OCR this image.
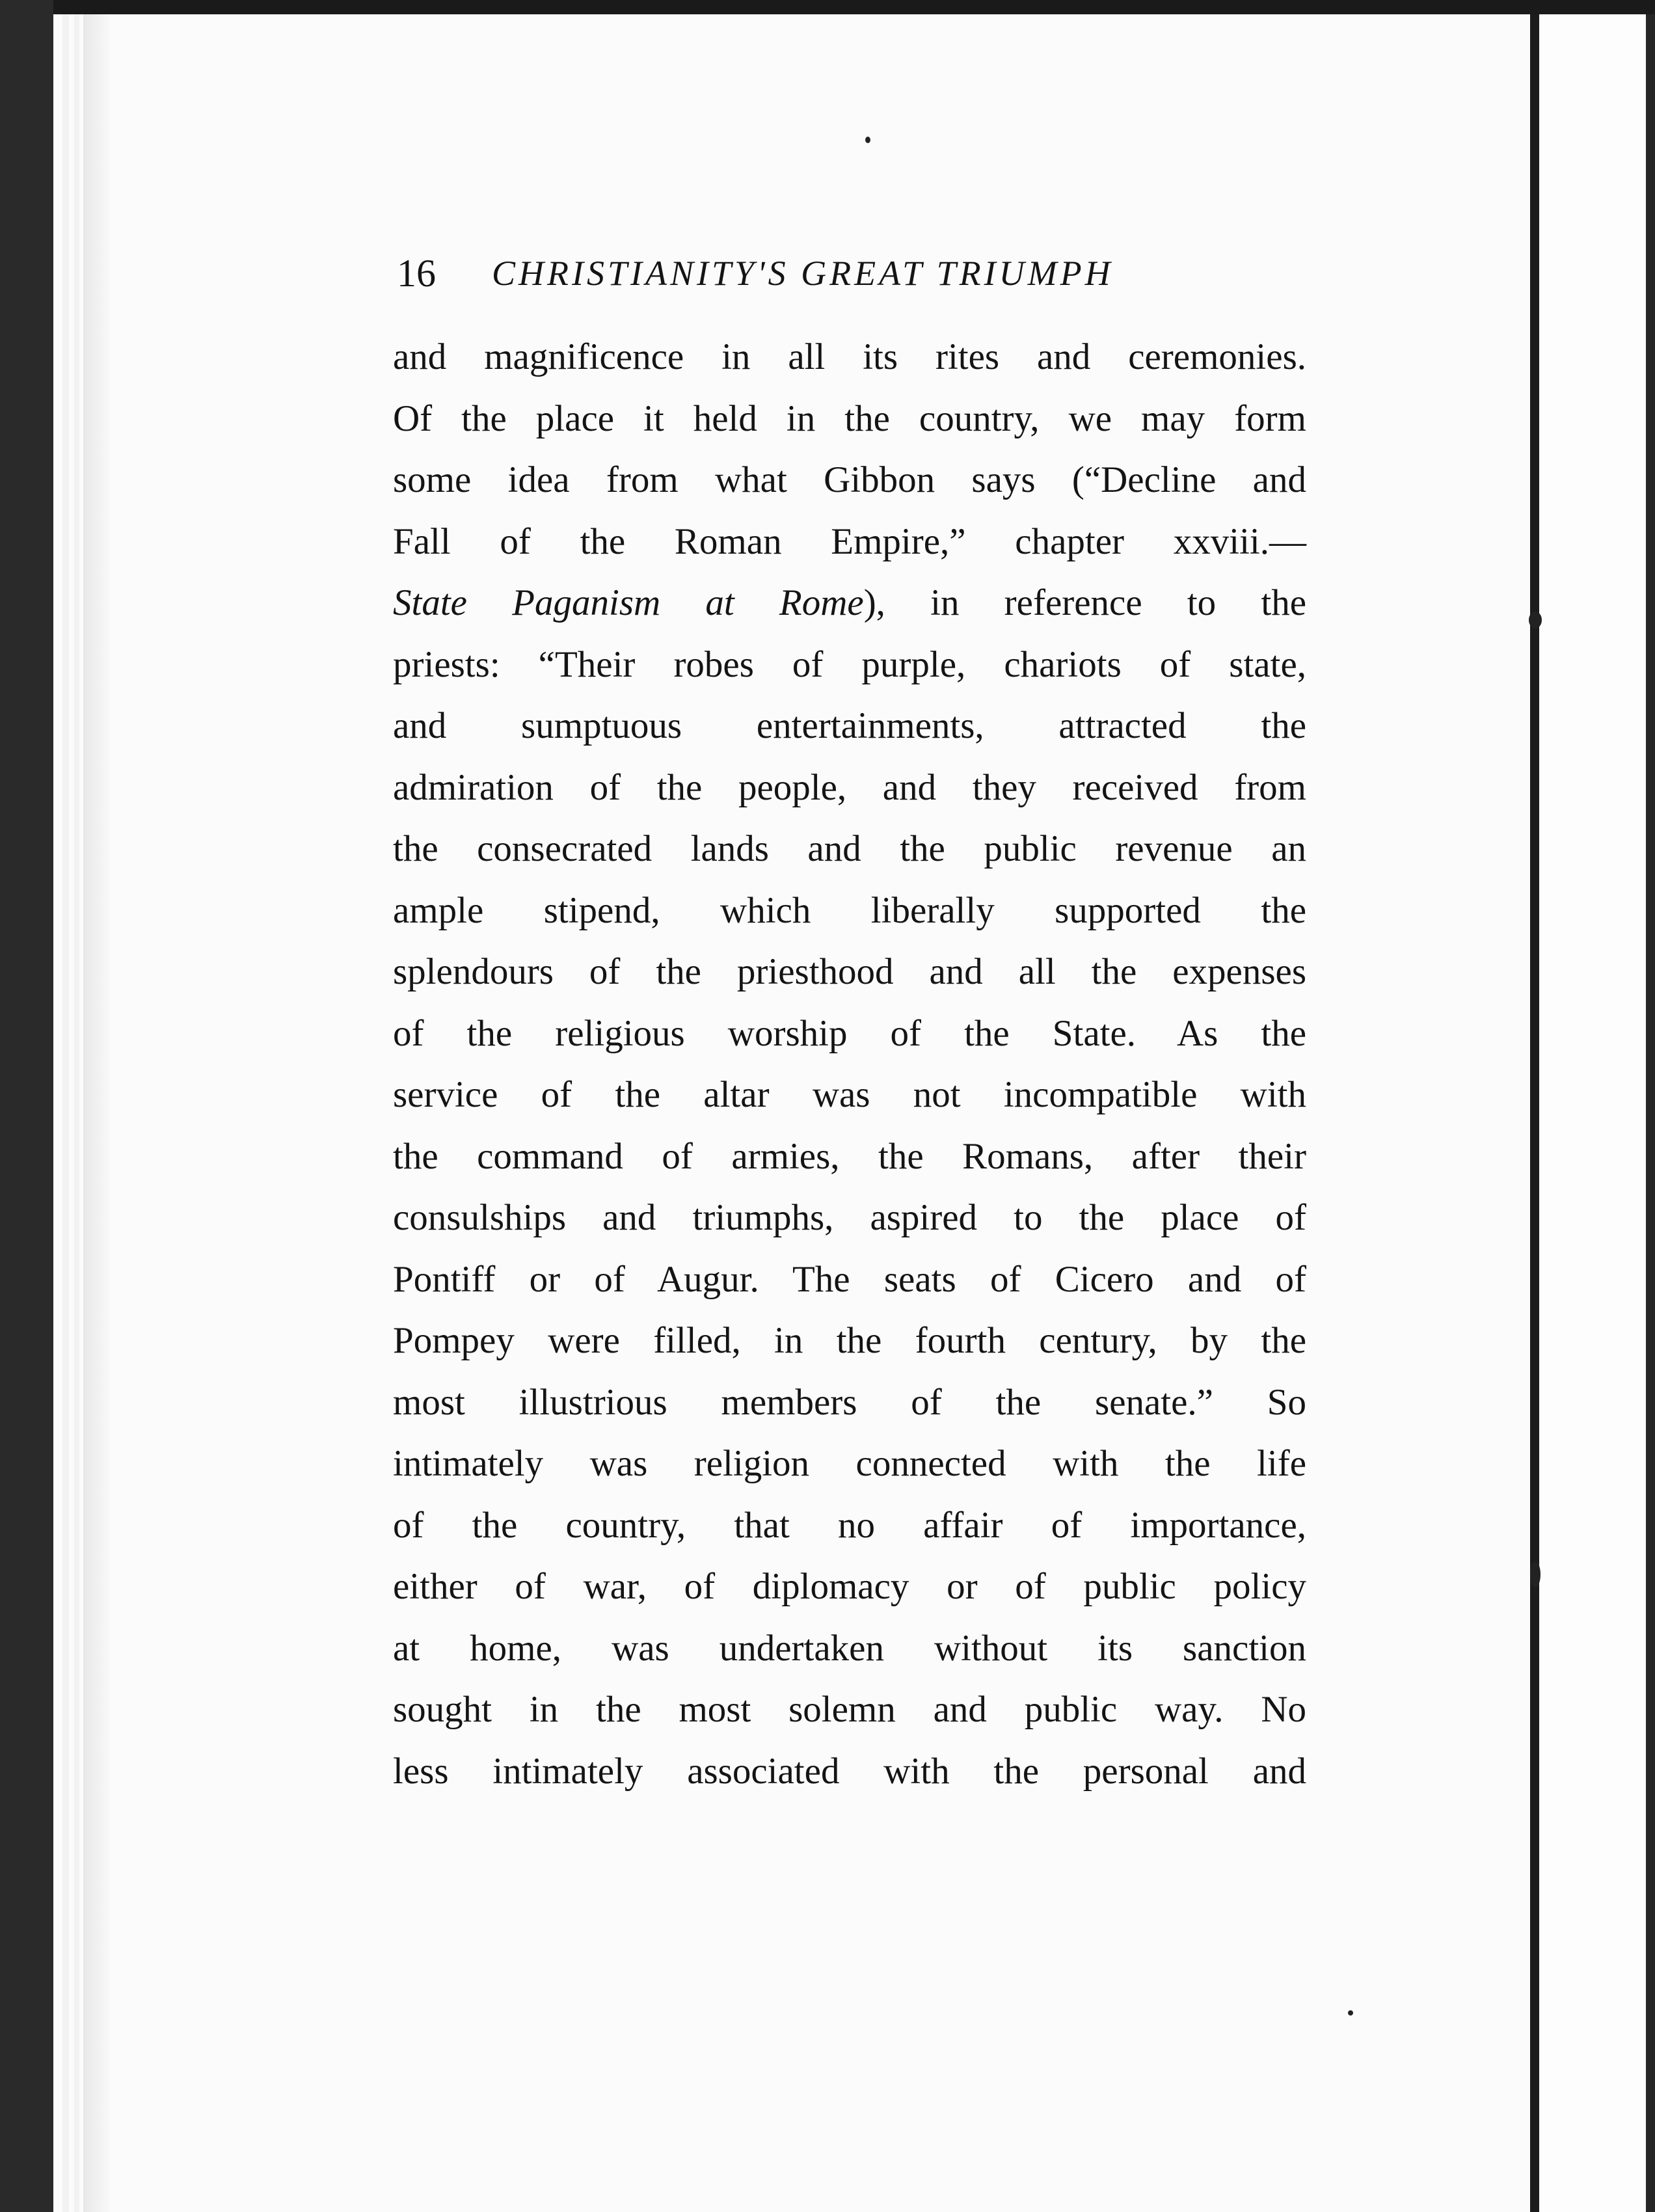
16 CHRISTIANITY'S GREAT TRIUMPH
and magnificence in all its rites and ceremonies.
Of the place it held in the country, we may form
some idea from what Gibbon says (“Decline and
Fall of the Roman Empire,” chapter xxviii.—
State Paganism at Rome), in reference to the
priests: “Their robes of purple, chariots of state,
and sumptuous entertainments, attracted the
admiration of the people, and they received from
the consecrated lands and the public revenue an
ample stipend, which liberally supported the
splendours of the priesthood and all the expenses
of the religious worship of the State. As the
service of the altar was not incompatible with
the command of armies, the Romans, after their
consulships and triumphs, aspired to the place of
Pontiff or of Augur. The seats of Cicero and of
Pompey were filled, in the fourth century, by the
most illustrious members of the senate.” So
intimately was religion connected with the life
of the country, that no affair of importance,
either of war, of diplomacy or of public policy
at home, was undertaken without its sanction
sought in the most solemn and public way. No
less intimately associated with the personal and
